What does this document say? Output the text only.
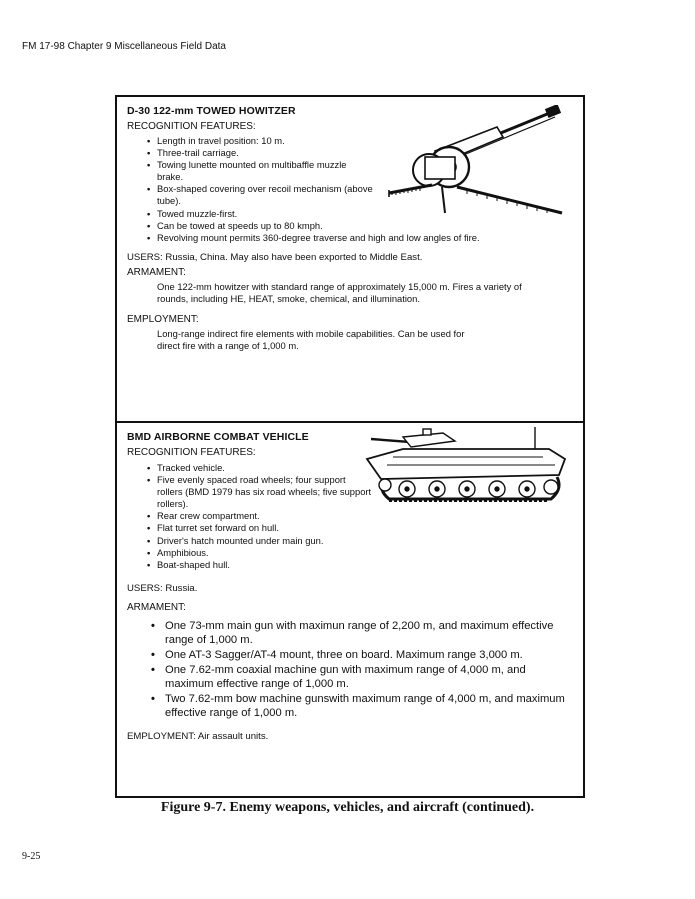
FM 17-98 Chapter 9 Miscellaneous Field Data
D-30 122-mm TOWED HOWITZER
RECOGNITION FEATURES:
• Length in travel position: 10 m.
• Three-trail carriage.
• Towing lunette mounted on multibaffle muzzle brake.
• Box-shaped covering over recoil mechanism (above tube).
• Towed muzzle-first.
• Can be towed at speeds up to 80 kmph.
• Revolving mount permits 360-degree traverse and high and low angles of fire.
USERS: Russia, China. May also have been exported to Middle East.
ARMAMENT:
One 122-mm howitzer with standard range of approximately 15,000 m. Fires a variety of rounds, including HE, HEAT, smoke, chemical, and illumination.
EMPLOYMENT:
Long-range indirect fire elements with mobile capabilities. Can be used for direct fire with a range of 1,000 m.
BMD AIRBORNE COMBAT VEHICLE
RECOGNITION FEATURES:
• Tracked vehicle.
• Five evenly spaced road wheels; four support rollers (BMD 1979 has six road wheels; five support rollers).
• Rear crew compartment.
• Flat turret set forward on hull.
• Driver's hatch mounted under main gun.
• Amphibious.
• Boat-shaped hull.
USERS: Russia.
ARMAMENT:
• One 73-mm main gun with maximun range of 2,200 m, and maximum effective range of 1,000 m.
• One AT-3 Sagger/AT-4 mount, three on board. Maximum range 3,000 m.
• One 7.62-mm coaxial machine gun with maximum range of 4,000 m, and maximum effective range of 1,000 m.
• Two 7.62-mm bow machine gunswith maximum range of 4,000 m, and maximum effective range of 1,000 m.
EMPLOYMENT: Air assault units.
Figure 9-7. Enemy weapons, vehicles, and aircraft (continued).
9-25
